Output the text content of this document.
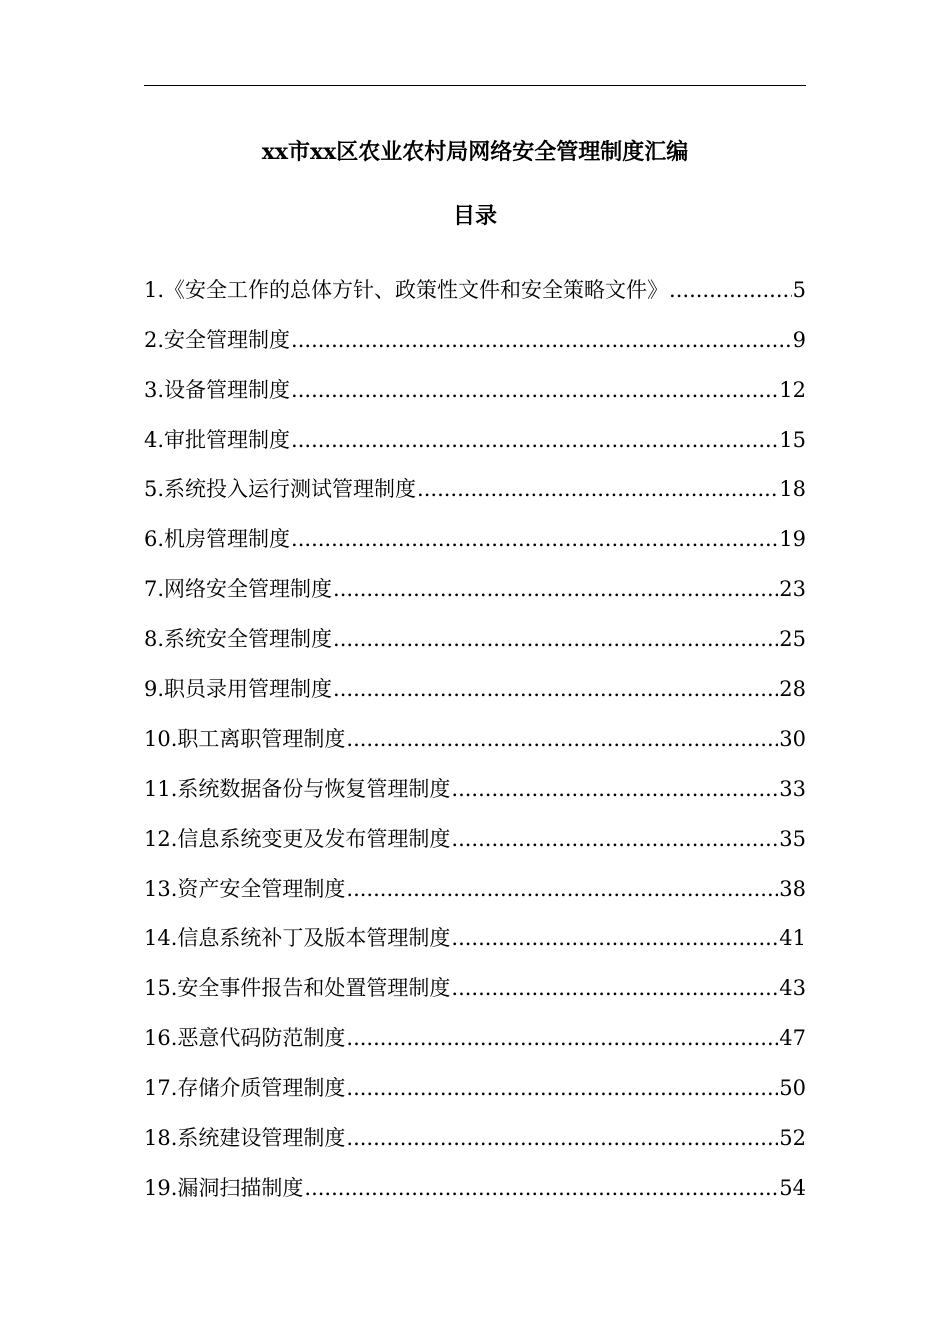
xx市xx区农业农村局网络安全管理制度汇编
目录
1. 《安全工作的总体方针、政策性文件和安全策略文件》 .....	5
2. 安全管理制度 .....	9
3. 设备管理制度 .....	12
4. 审批管理制度 .....	15
5. 系统投入运行测试管理制度 .....	18
6. 机房管理制度 .....	19
7. 网络安全管理制度 .....	23
8. 系统安全管理制度 .....	25
9. 职员录用管理制度 .....	28
10. 职工离职管理制度 .....	30
11. 系统数据备份与恢复管理制度 .....	33
12. 信息系统变更及发布管理制度 .....	35
13. 资产安全管理制度 .....	38
14. 信息系统补丁及版本管理制度 .....	41
15. 安全事件报告和处置管理制度 .....	43
16. 恶意代码防范制度 .....	47
17. 存储介质管理制度 .....	50
18. 系统建设管理制度 .....	52
19. 漏洞扫描制度 .....	54
